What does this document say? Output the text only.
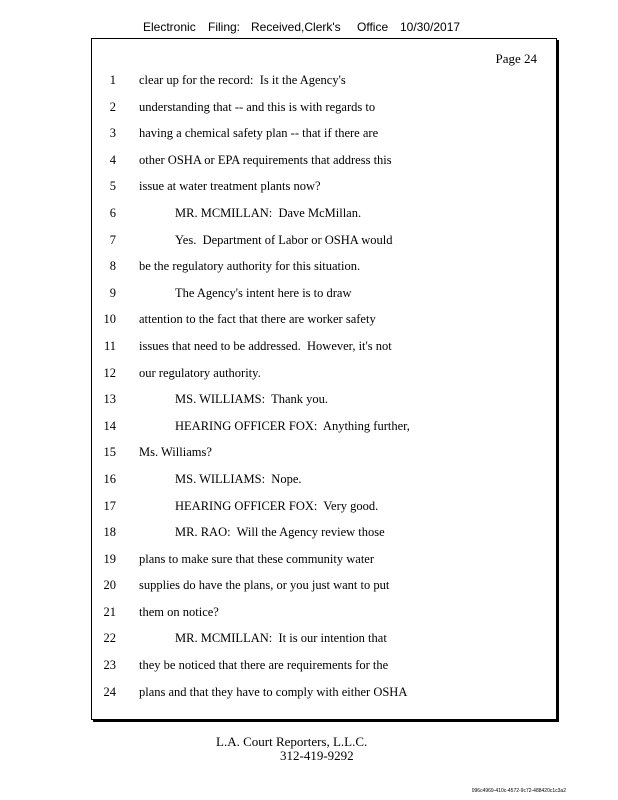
Electronic Filing: Received,Clerk's Office 10/30/2017
Page 24
1 clear up for the record:  Is it the Agency's
2 understanding that -- and this is with regards to
3 having a chemical safety plan -- that if there are
4 other OSHA or EPA requirements that address this
5 issue at water treatment plants now?
6	MR. MCMILLAN:  Dave McMillan.
7	Yes.  Department of Labor or OSHA would
8 be the regulatory authority for this situation.
9	The Agency's intent here is to draw
10 attention to the fact that there are worker safety
11 issues that need to be addressed.  However, it's not
12 our regulatory authority.
13	MS. WILLIAMS:  Thank you.
14	HEARING OFFICER FOX:  Anything further,
15 Ms. Williams?
16	MS. WILLIAMS:  Nope.
17	HEARING OFFICER FOX:  Very good.
18	MR. RAO:  Will the Agency review those
19 plans to make sure that these community water
20 supplies do have the plans, or you just want to put
21 them on notice?
22	MR. MCMILLAN:  It is our intention that
23 they be noticed that there are requirements for the
24 plans and that they have to comply with either OSHA
L.A. Court Reporters, L.L.C.
312-419-9292
096c4969-410c-4572-9c72-488420c1c3a2
